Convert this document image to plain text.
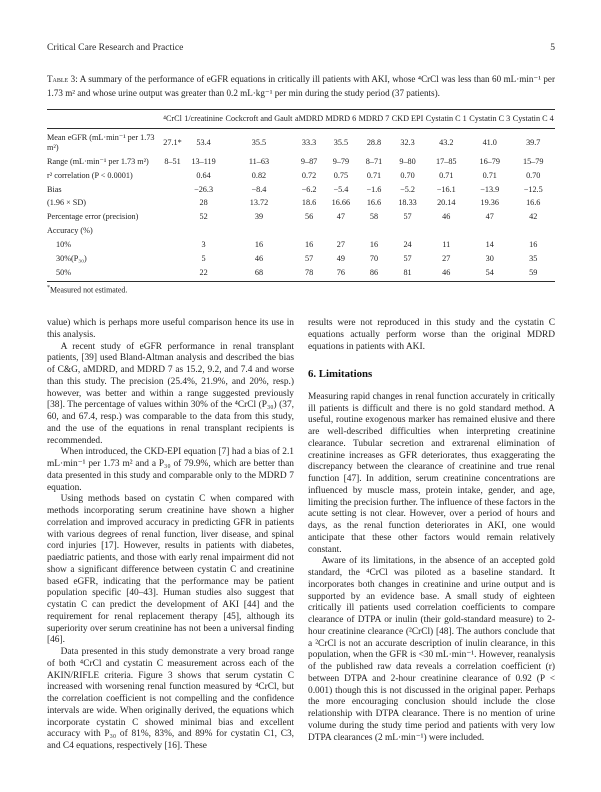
Critical Care Research and Practice	5
Table 3: A summary of the performance of eGFR equations in critically ill patients with AKI, whose ⁴CrCl was less than 60 mL·min⁻¹ per 1.73 m² and whose urine output was greater than 0.2 mL·kg⁻¹ per min during the study period (37 patients).
	⁴CrCl	1/creatinine	Cockcroft and Gault	aMDRD	MDRD 6	MDRD 7	CKD EPI	Cystatin C 1	Cystatin C 3	Cystatin C 4
Mean eGFR (mL·min⁻¹ per 1.73 m²)	27.1*	53.4	35.5	33.3	35.5	28.8	32.3	43.2	41.0	39.7
Range (mL·min⁻¹ per 1.73 m²)	8–51	13–119	11–63	9–87	9–79	8–71	9–80	17–85	16–79	15–79
r² correlation (P < 0.0001)		0.64	0.82	0.72	0.75	0.71	0.70	0.71	0.71	0.70
Bias		−26.3	−8.4	−6.2	−5.4	−1.6	−5.2	−16.1	−13.9	−12.5
(1.96 × SD)		28	13.72	18.6	16.66	16.6	18.33	20.14	19.36	16.6
Percentage error (precision)		52	39	56	47	58	57	46	47	42
Accuracy (%)										
10%		3	16	16	27	16	24	11	14	16
30%(P₃₀)		5	46	57	49	70	57	27	30	35
50%		22	68	78	76	86	81	46	54	59
*Measured not estimated.

value) which is perhaps more useful comparison hence its use in this analysis.

A recent study of eGFR performance in renal transplant patients, [39] used Bland-Altman analysis and described the bias of C&G, aMDRD, and MDRD 7 as 15.2, 9.2, and 7.4 and worse than this study. The precision (25.4%, 21.9%, and 20%, resp.) however, was better and within a range suggested previously [38]. The percentage of values within 30% of the ⁴CrCl (P₃₀) (37, 60, and 67.4, resp.) was comparable to the data from this study, and the use of the equations in renal transplant recipients is recommended.

When introduced, the CKD-EPI equation [7] had a bias of 2.1 mL·min⁻¹ per 1.73 m² and a P₃₀ of 79.9%, which are better than data presented in this study and comparable only to the MDRD 7 equation.

Using methods based on cystatin C when compared with methods incorporating serum creatinine have shown a higher correlation and improved accuracy in predicting GFR in patients with various degrees of renal function, liver disease, and spinal cord injuries [17]. However, results in patients with diabetes, paediatric patients, and those with early renal impairment did not show a significant difference between cystatin C and creatinine based eGFR, indicating that the performance may be patient population specific [40–43]. Human studies also suggest that cystatin C can predict the development of AKI [44] and the requirement for renal replacement therapy [45], although its superiority over serum creatinine has not been a universal finding [46].

Data presented in this study demonstrate a very broad range of both ⁴CrCl and cystatin C measurement across each of the AKIN/RIFLE criteria. Figure 3 shows that serum cystatin C increased with worsening renal function measured by ⁴CrCl, but the correlation coefficient is not compelling and the confidence intervals are wide. When originally derived, the equations which incorporate cystatin C showed minimal bias and excellent accuracy with P₃₀ of 81%, 83%, and 89% for cystatin C1, C3, and C4 equations, respectively [16]. These

results were not reproduced in this study and the cystatin C equations actually perform worse than the original MDRD equations in patients with AKI.

6. Limitations

Measuring rapid changes in renal function accurately in critically ill patients is difficult and there is no gold standard method. A useful, routine exogenous marker has remained elusive and there are well-described difficulties when interpreting creatinine clearance. Tubular secretion and extrarenal elimination of creatinine increases as GFR deteriorates, thus exaggerating the discrepancy between the clearance of creatinine and true renal function [47]. In addition, serum creatinine concentrations are influenced by muscle mass, protein intake, gender, and age, limiting the precision further. The influence of these factors in the acute setting is not clear. However, over a period of hours and days, as the renal function deteriorates in AKI, one would anticipate that these other factors would remain relatively constant.

Aware of its limitations, in the absence of an accepted gold standard, the ⁴CrCl was piloted as a baseline standard. It incorporates both changes in creatinine and urine output and is supported by an evidence base. A small study of eighteen critically ill patients used correlation coefficients to compare clearance of DTPA or inulin (their gold-standard measure) to 2-hour creatinine clearance (²CrCl) [48]. The authors conclude that a ²CrCl is not an accurate description of inulin clearance, in this population, when the GFR is <30 mL·min⁻¹. However, reanalysis of the published raw data reveals a correlation coefficient (r) between DTPA and 2-hour creatinine clearance of 0.92 (P < 0.001) though this is not discussed in the original paper. Perhaps the more encouraging conclusion should include the close relationship with DTPA clearance. There is no mention of urine volume during the study time period and patients with very low DTPA clearances (2 mL·min⁻¹) were included.
